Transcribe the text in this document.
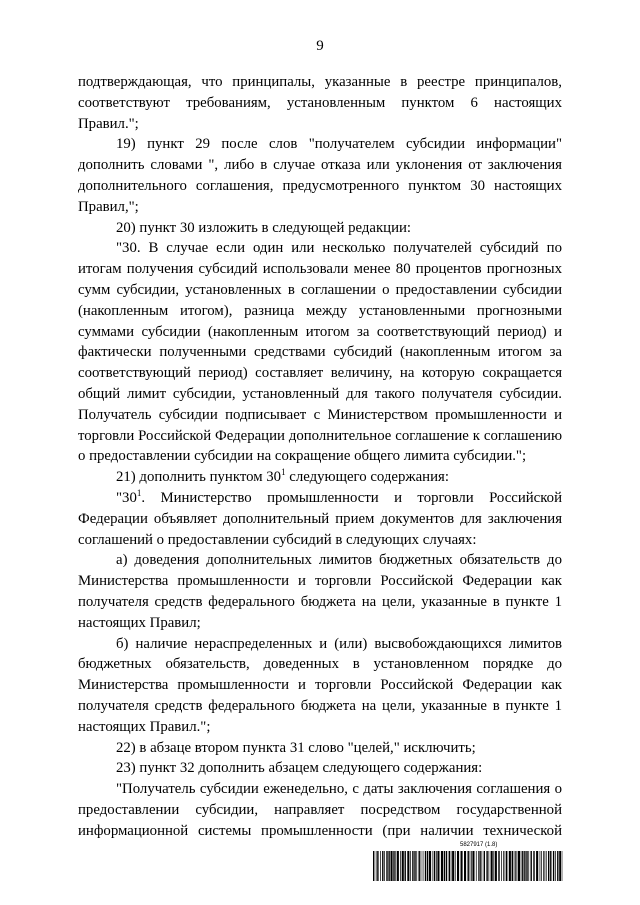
9

подтверждающая, что принципалы, указанные в реестре принципалов, соответствуют требованиям, установленным пунктом 6 настоящих Правил.";

19) пункт 29 после слов "получателем субсидии информации" дополнить словами ", либо в случае отказа или уклонения от заключения дополнительного соглашения, предусмотренного пунктом 30 настоящих Правил,";

20) пункт 30 изложить в следующей редакции:

"30. В случае если один или несколько получателей субсидий по итогам получения субсидий использовали менее 80 процентов прогнозных сумм субсидии, установленных в соглашении о предоставлении субсидии (накопленным итогом), разница между установленными прогнозными суммами субсидии (накопленным итогом за соответствующий период) и фактически полученными средствами субсидий (накопленным итогом за соответствующий период) составляет величину, на которую сокращается общий лимит субсидии, установленный для такого получателя субсидии. Получатель субсидии подписывает с Министерством промышленности и торговли Российской Федерации дополнительное соглашение к соглашению о предоставлении субсидии на сокращение общего лимита субсидии.";

21) дополнить пунктом $30^1$ следующего содержания:

"$30^1$. Министерство промышленности и торговли Российской Федерации объявляет дополнительный прием документов для заключения соглашений о предоставлении субсидий в следующих случаях:

а) доведения дополнительных лимитов бюджетных обязательств до Министерства промышленности и торговли Российской Федерации как получателя средств федерального бюджета на цели, указанные в пункте 1 настоящих Правил;

б) наличие нераспределенных и (или) высвобождающихся лимитов бюджетных обязательств, доведенных в установленном порядке до Министерства промышленности и торговли Российской Федерации как получателя средств федерального бюджета на цели, указанные в пункте 1 настоящих Правил.";

22) в абзаце втором пункта 31 слово "целей," исключить;

23) пункт 32 дополнить абзацем следующего содержания:

"Получатель субсидии еженедельно, с даты заключения соглашения о предоставлении субсидии, направляет посредством государственной информационной системы промышленности (при наличии технической

5827917 (1.8)
